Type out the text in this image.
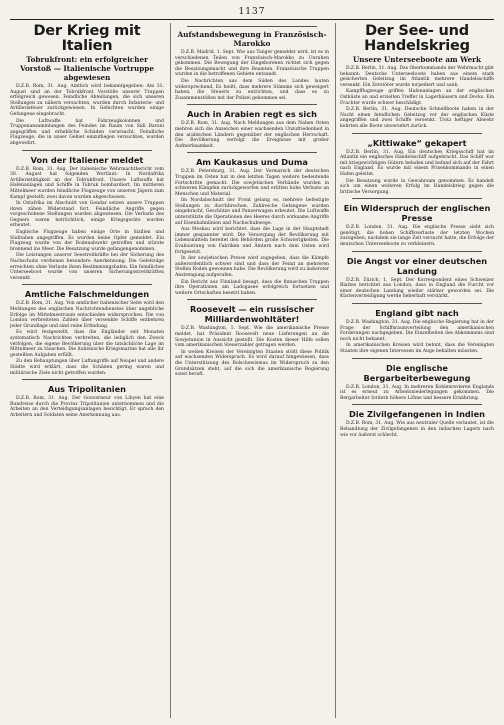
1137
Der Krieg mit Italien
Tobrukfront: ein erfolgreicher Vorstoß — Italienische Vortruppe abgewiesen

D.Z.B. Rom, 31. Aug. Amtlich wird bekanntgegeben: Am 31. August sind an der Tobrukfront Vorstöße unserer Truppen erfolgreich gewesen. Feindliche Abteilungen, die sich unseren Stellungen zu nähern versuchten, wurden durch Infanterie- und Artilleriefeuer zurückgewiesen. In Gefechten wurden einige Gefangene eingebracht.

Die Luftwaffe hat Fahrzeugkolonnen und Truppenansammlungen des Feindes im Raum von Sidi Barani angegriffen und erhebliche Schäden verursacht. Feindliche Flugzeuge, die in unser Gebiet einzufliegen versuchten, wurden abgewehrt.

Von der Italiener meldet

D.Z.B. Rom, 31. Aug. Der italienische Wehrmachtbericht vom 30. August hat folgenden Wortlaut: In Nordafrika Artillerietätigkeit an der Tobrukfront. Unsere Luftwaffe hat Hafenanlagen und Schiffe in Tobruk bombardiert. Im mittleren Mittelmeer wurden feindliche Flugzeuge von unseren Jägern zum Kampf gestellt; zwei davon wurden abgeschossen.

In Ostafrika im Abschnitt von Gondar setzen unsere Truppen ihren zähen Widerstand fort. Feindliche Angriffe gegen vorgeschobene Stellungen wurden abgewiesen. Die Verluste des Gegners waren beträchtlich; einige Kriegsgeräte wurden erbeutet.

Englische Flugzeuge haben einige Orte in Sizilien und Süditalien angegriffen. Es wurden keine Opfer gemeldet. Ein Flugzeug wurde von der Bodenabwehr getroffen und stürzte brennend ins Meer. Die Besatzung wurde gefangengenommen.

Die Leistungen unserer Seestreitkräfte bei der Sicherung des Nachschubs verdienen besondere Anerkennung. Die Geleitzüge erreichten ohne Verluste ihren Bestimmungshafen. Ein feindliches Unterseeboot wurde von unseren Sicherungsstreitkräften versenkt.

Amtliche Falschmeldungen

D.Z.B. Rom, 31. Aug. Von amtlicher italienischer Seite wird den Meldungen des englischen Nachrichtendienstes über angebliche Erfolge im Mittelmeerraum entschieden widersprochen. Die von London verbreiteten Zahlen über versenkte Schiffe entbehren jeder Grundlage und sind reine Erfindung.

Es wird festgestellt, dass die Engländer seit Monaten systematisch Nachrichten verbreiten, die lediglich den Zweck verfolgen, die eigene Bevölkerung über die tatsächliche Lage im Mittelmeer zu täuschen. Die italienische Kriegsmarine hat alle ihr gestellten Aufgaben erfüllt.

Zu den Behauptungen über Luftangriffe auf Neapel und andere Städte wird erklärt, dass die Schäden gering waren und militärische Ziele nicht getroffen wurden.

Aus Tripolitanien

D.Z.B. Rom, 31. Aug. Der Gouverneur von Libyen hat eine Rundreise durch die Provinz Tripolitanien unternommen und die Arbeiten an den Verteidigungsanlagen besichtigt. Er sprach den Arbeitern und Soldaten seine Anerkennung aus.

Aufstandsbewegung in Französisch-Marokko

D.Z.B. Madrid, 1. Sept. Wie aus Tanger gemeldet wird, ist es in verschiedenen Teilen von Französisch-Marokko zu Unruhen gekommen. Die Bewegung der Eingeborenen richtet sich gegen die Besatzungsmacht und ihre Beamten. Französische Truppen wurden in die betroffenen Gebiete entsandt.

Die Nachrichten aus dem Süden des Landes lauten widersprechend. Es heißt, dass mehrere Stämme sich geweigert haben, die Steuern zu entrichten, und dass es zu Zusammenstößen mit der Polizei gekommen sei.

Auch in Arabien regt es sich

D.Z.B. Rom, 31. Aug. Nach Meldungen aus dem Nahen Osten mehren sich die Anzeichen einer wachsenden Unzufriedenheit in den arabischen Ländern gegenüber der englischen Herrschaft. Die Bevölkerung verfolgt die Ereignisse mit großer Aufmerksamkeit.

Am Kaukasus und Duma

D.Z.B. Petersburg, 31. Aug. Der Vormarsch der deutschen Truppen im Osten hat in den letzten Tagen weitere bedeutende Fortschritte gemacht. Die sowjetischen Verbände wurden in schweren Kämpfen zurückgeworfen und erlitten hohe Verluste an Menschen und Material.

Im Nordabschnitt der Front gelang es, mehrere befestigte Stellungen zu durchbrechen. Zahlreiche Gefangene wurden eingebracht, Geschütze und Panzerwagen erbeutet. Die Luftwaffe unterstützte die Operationen des Heeres durch wirksame Angriffe auf Eisenbahnlinien und Nachschubwege.

Aus Moskau wird berichtet, dass die Lage in der Hauptstadt immer gespannter wird. Die Versorgung der Bevölkerung mit Lebensmitteln bereitet den Behörden große Schwierigkeiten. Die Evakuierung von Fabriken und Ämtern nach dem Osten wird fortgesetzt.

In der sowjetischen Presse wird zugegeben, dass die Kämpfe außerordentlich schwer sind und dass der Feind an mehreren Stellen Boden gewonnen habe. Die Bevölkerung wird zu äußerster Anstrengung aufgerufen.

Ein Bericht aus Finnland besagt, dass die finnischen Truppen ihre Operationen am Ladogasee erfolgreich fortsetzen und weitere Ortschaften besetzt haben.

Roosevelt — ein russischer Milliardenwohltäter!

D.Z.B. Washington, 1. Sept. Wie die amerikanische Presse meldet, hat Präsident Roosevelt neue Lieferungen an die Sowjetunion in Aussicht gestellt. Die Kosten dieser Hilfe sollen vom amerikanischen Steuerzahler getragen werden.

In weiten Kreisen der Vereinigten Staaten stößt diese Politik auf wachsenden Widerspruch. Es wird darauf hingewiesen, dass die Unterstützung des Bolschewismus im Widerspruch zu den Grundsätzen steht, auf die sich die amerikanische Regierung sonst beruft.

Der See- und Handelskrieg
Unsere Unterseeboote am Werk

D.Z.B. Berlin, 31. Aug. Das Oberkommando der Wehrmacht gibt bekannt: Deutsche Unterseeboote haben aus einem stark gesicherten Geleitzug im Atlantik mehrere Handelsschiffe versenkt. Ein Zerstörer wurde torpediert und sank.

Kampfflugzeuge griffen Hafenanlagen an der englischen Ostküste an und erzielten Treffer in Lagerhäusern und Docks. Ein Frachter wurde schwer beschädigt.

D.Z.B. Berlin, 31. Aug. Deutsche Schnellboote haben in der Nacht einen feindlichen Geleitzug vor der englischen Küste angegriffen und zwei Schiffe versenkt. Trotz heftiger Abwehr kehrten alle Boote unversehrt zurück.

„Kittiwake“ gekapert

D.Z.B. Berlin, 31. Aug. Ein deutsches Kriegsschiff hat im Atlantik ein englisches Handelsschiff aufgebracht. Das Schiff war mit kriegswichtigen Gütern beladen und befand sich auf der Fahrt nach England. Es wurde mit einem Prisenkommando in einen Hafen geleitet.

Die Besatzung wurde in Gewahrsam genommen. Es handelt sich um einen weiteren Erfolg im Handelskrieg gegen die britische Versorgung.

Ein Widerspruch der englischen Presse

D.Z.B. London, 31. Aug. Die englische Presse sieht sich genötigt, die hohen Schiffsverluste der letzten Wochen zuzugeben, nachdem sie lange Zeit versucht hatte, die Erfolge der deutschen Unterseeboote zu verkleinern.

Die Angst vor einer deutschen Landung

D.Z.B. Zürich, 1. Sept. Der Korrespondent eines Schweizer Blattes berichtet aus London, dass in England die Furcht vor einer deutschen Landung wieder stärker geworden sei. Die Küstenverteidigung werde fieberhaft verstärkt.

England gibt nach

D.Z.B. Washington, 31. Aug. Die englische Regierung hat in der Frage der Schiffsraumverteilung den amerikanischen Forderungen nachgegeben. Die Einzelheiten des Abkommens sind noch nicht bekannt.

In amerikanischen Kreisen wird betont, dass die Vereinigten Staaten ihre eigenen Interessen im Auge behalten müssten.

Die englische Bergarbeiterbewegung

D.Z.B. London, 31. Aug. In mehreren Kohlenrevieren Englands ist es erneut zu Arbeitsniederlegungen gekommen. Die Bergarbeiter fordern höhere Löhne und bessere Ernährung.

Die Zivilgefangenen in Indien

D.Z.B. Rom, 31. Aug. Wie aus neutraler Quelle verlautet, ist die Behandlung der Zivilgefangenen in den indischen Lagern nach wie vor äußerst schlecht.
